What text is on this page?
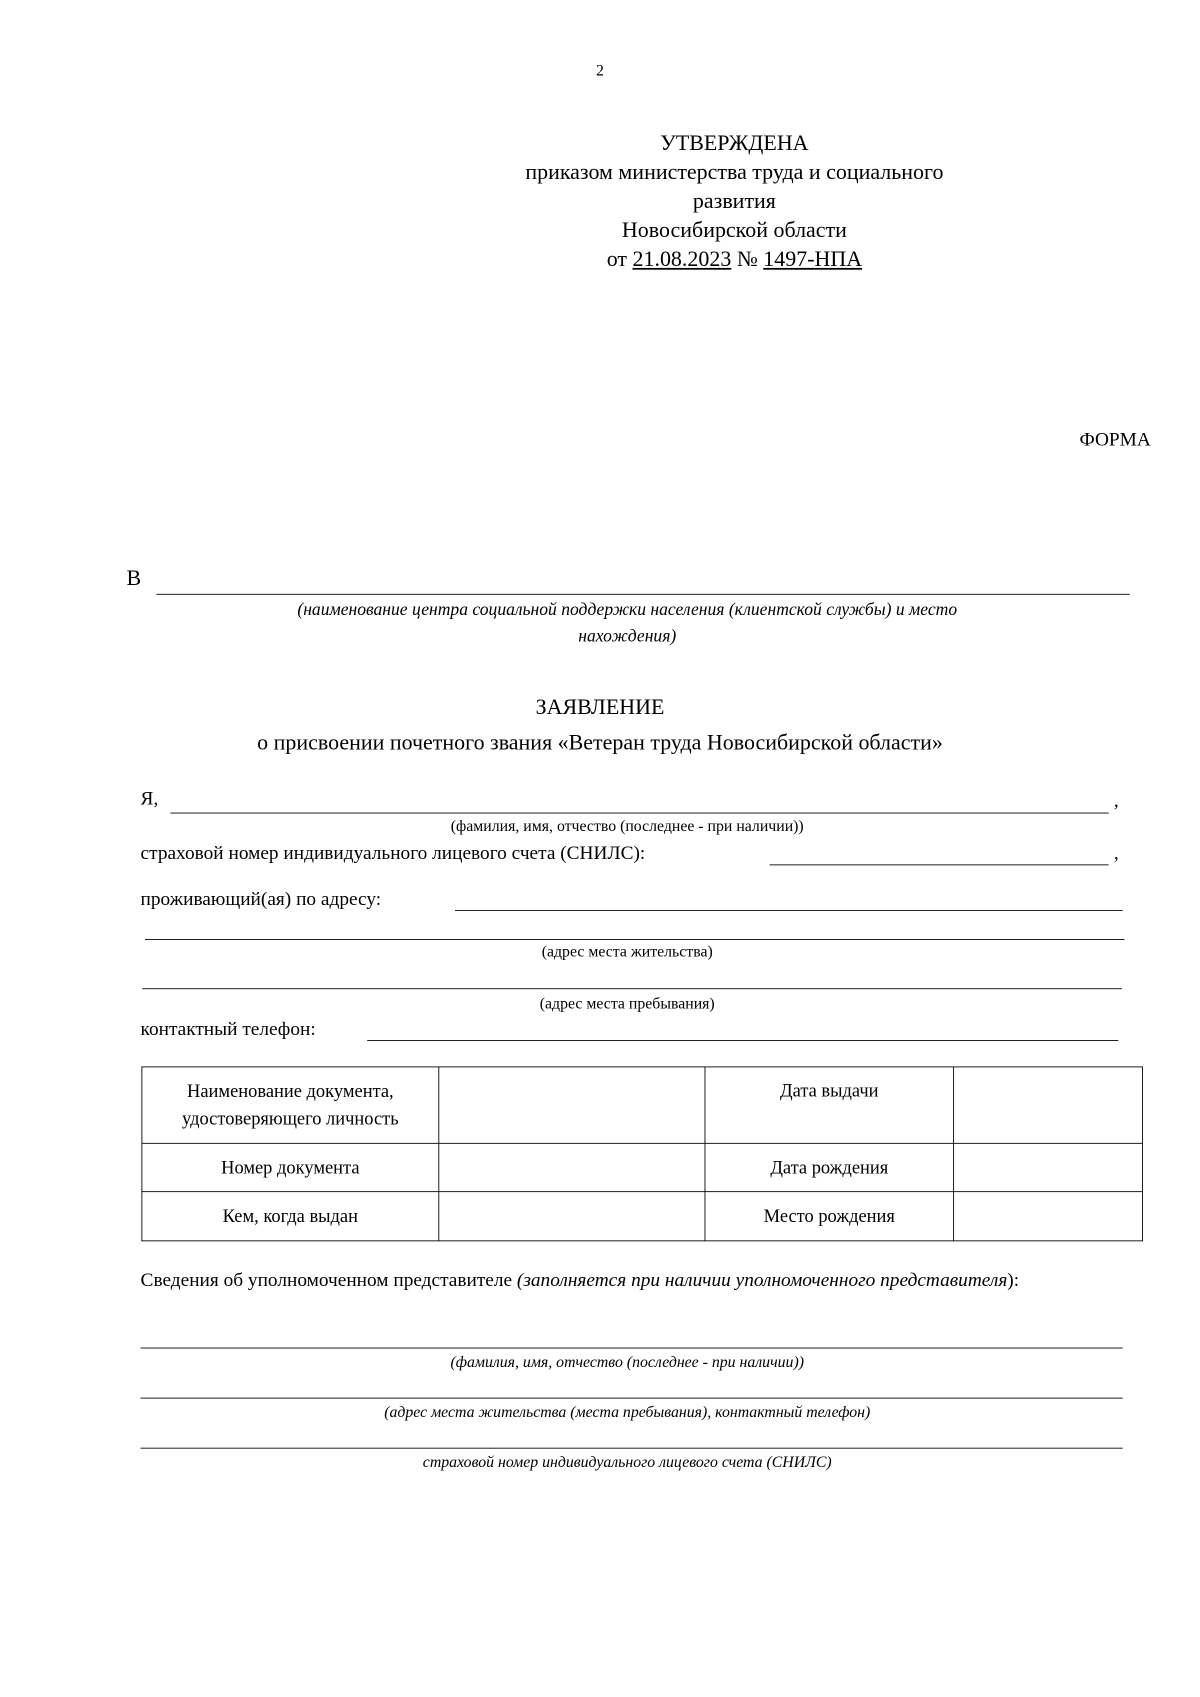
2
УТВЕРЖДЕНА
приказом министерства труда и социального
развития
Новосибирской области
от 21.08.2023 № 1497-НПА
ФОРМА
В
(наименование центра социальной поддержки населения (клиентской службы) и место
нахождения)
ЗАЯВЛЕНИЕ
о присвоении почетного звания «Ветеран труда Новосибирской области»
Я,	,
(фамилия, имя, отчество (последнее - при наличии))
страховой номер индивидуального лицевого счета (СНИЛС):	,
проживающий(ая) по адресу:
(адрес места жительства)
(адрес места пребывания)
контактный телефон:
Наименование документа,
удостоверяющего личность		Дата выдачи	
Номер документа		Дата рождения	
Кем, когда выдан		Место рождения	
Сведения об уполномоченном представителе (заполняется при наличии уполномоченного представителя):
(фамилия, имя, отчество (последнее - при наличии))
(адрес места жительства (места пребывания), контактный телефон)
страховой номер индивидуального лицевого счета (СНИЛС)
